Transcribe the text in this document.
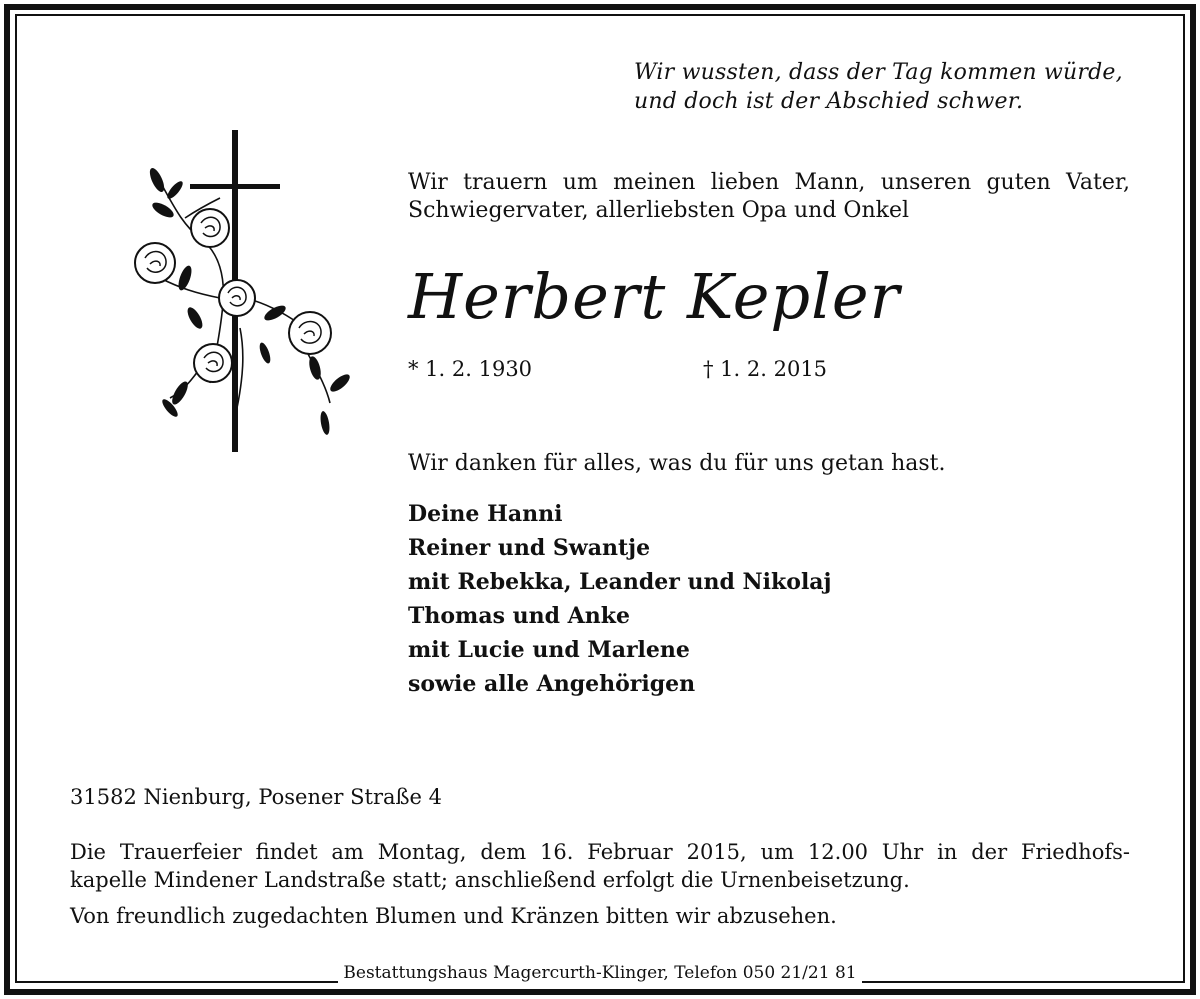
Wir wussten, dass der Tag kommen würde,
und doch ist der Abschied schwer.
Wir trauern um meinen lieben Mann, unseren guten Vater,
Schwiegervater, allerliebsten Opa und Onkel
Herbert Kepler
* 1. 2. 1930	† 1. 2. 2015
Wir danken für alles, was du für uns getan hast.
Deine Hanni
Reiner und Swantje
mit Rebekka, Leander und Nikolaj
Thomas und Anke
mit Lucie und Marlene
sowie alle Angehörigen
31582 Nienburg, Posener Straße 4
Die Trauerfeier findet am Montag, dem 16. Februar 2015, um 12.00 Uhr in der Friedhofs-
kapelle Mindener Landstraße statt; anschließend erfolgt die Urnenbeisetzung.
Von freundlich zugedachten Blumen und Kränzen bitten wir abzusehen.
Bestattungshaus Magercurth-Klinger, Telefon 050 21/21 81
